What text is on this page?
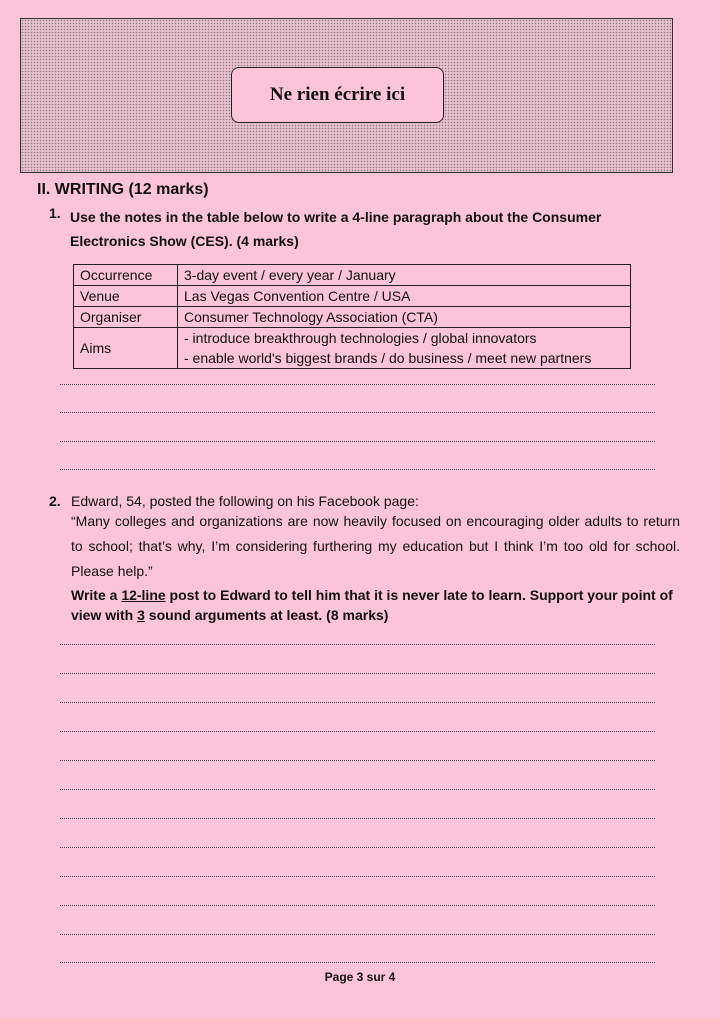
Ne rien écrire ici
II. WRITING (12 marks)
1. Use the notes in the table below to write a 4-line paragraph about the Consumer Electronics Show (CES). (4 marks)
Occurrence	3-day event / every year / January
Venue	Las Vegas Convention Centre / USA
Organiser	Consumer Technology Association (CTA)
Aims	- introduce breakthrough technologies / global innovators
- enable world's biggest brands / do business / meet new partners
2. Edward, 54, posted the following on his Facebook page:
“Many colleges and organizations are now heavily focused on encouraging older adults to return to school; that’s why, I’m considering furthering my education but I think I’m too old for school. Please help.”
Write a 12-line post to Edward to tell him that it is never late to learn. Support your point of view with 3 sound arguments at least. (8 marks)
Page 3 sur 4
